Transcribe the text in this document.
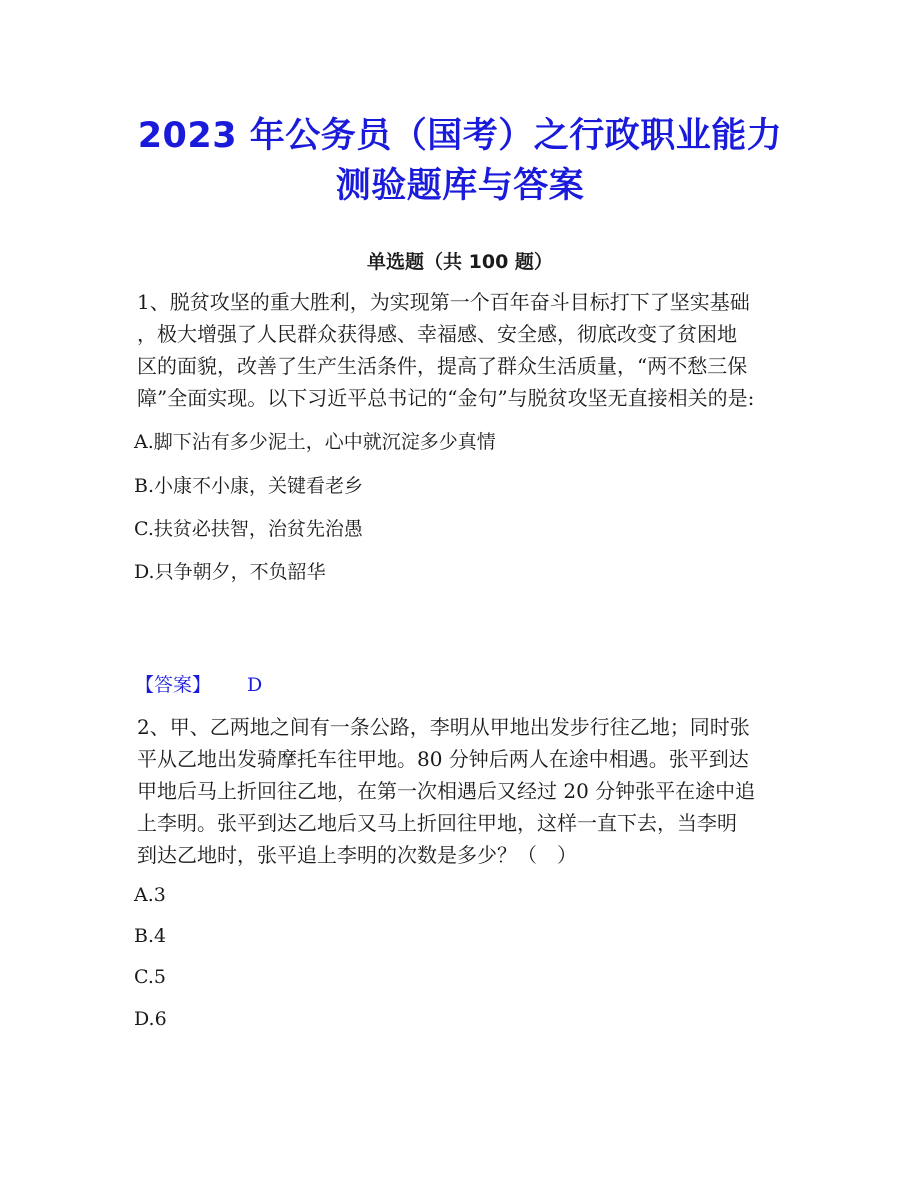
2023 年公务员（国考）之行政职业能力
测验题库与答案
单选题（共 100 题）
1、脱贫攻坚的重大胜利，为实现第一个百年奋斗目标打下了坚实基础
，极大增强了人民群众获得感、幸福感、安全感，彻底改变了贫困地
区的面貌，改善了生产生活条件，提高了群众生活质量，“两不愁三保
障”全面实现。以下习近平总书记的“金句”与脱贫攻坚无直接相关的是:
A.脚下沾有多少泥土，心中就沉淀多少真情
B.小康不小康，关键看老乡
C.扶贫必扶智，治贫先治愚
D.只争朝夕，不负韶华
【答案】 D
2、甲、乙两地之间有一条公路，李明从甲地出发步行往乙地；同时张
平从乙地出发骑摩托车往甲地。80 分钟后两人在途中相遇。张平到达
甲地后马上折回往乙地，在第一次相遇后又经过 20 分钟张平在途中追
上李明。张平到达乙地后又马上折回往甲地，这样一直下去，当李明
到达乙地时，张平追上李明的次数是多少？（　）
A.3
B.4
C.5
D.6
